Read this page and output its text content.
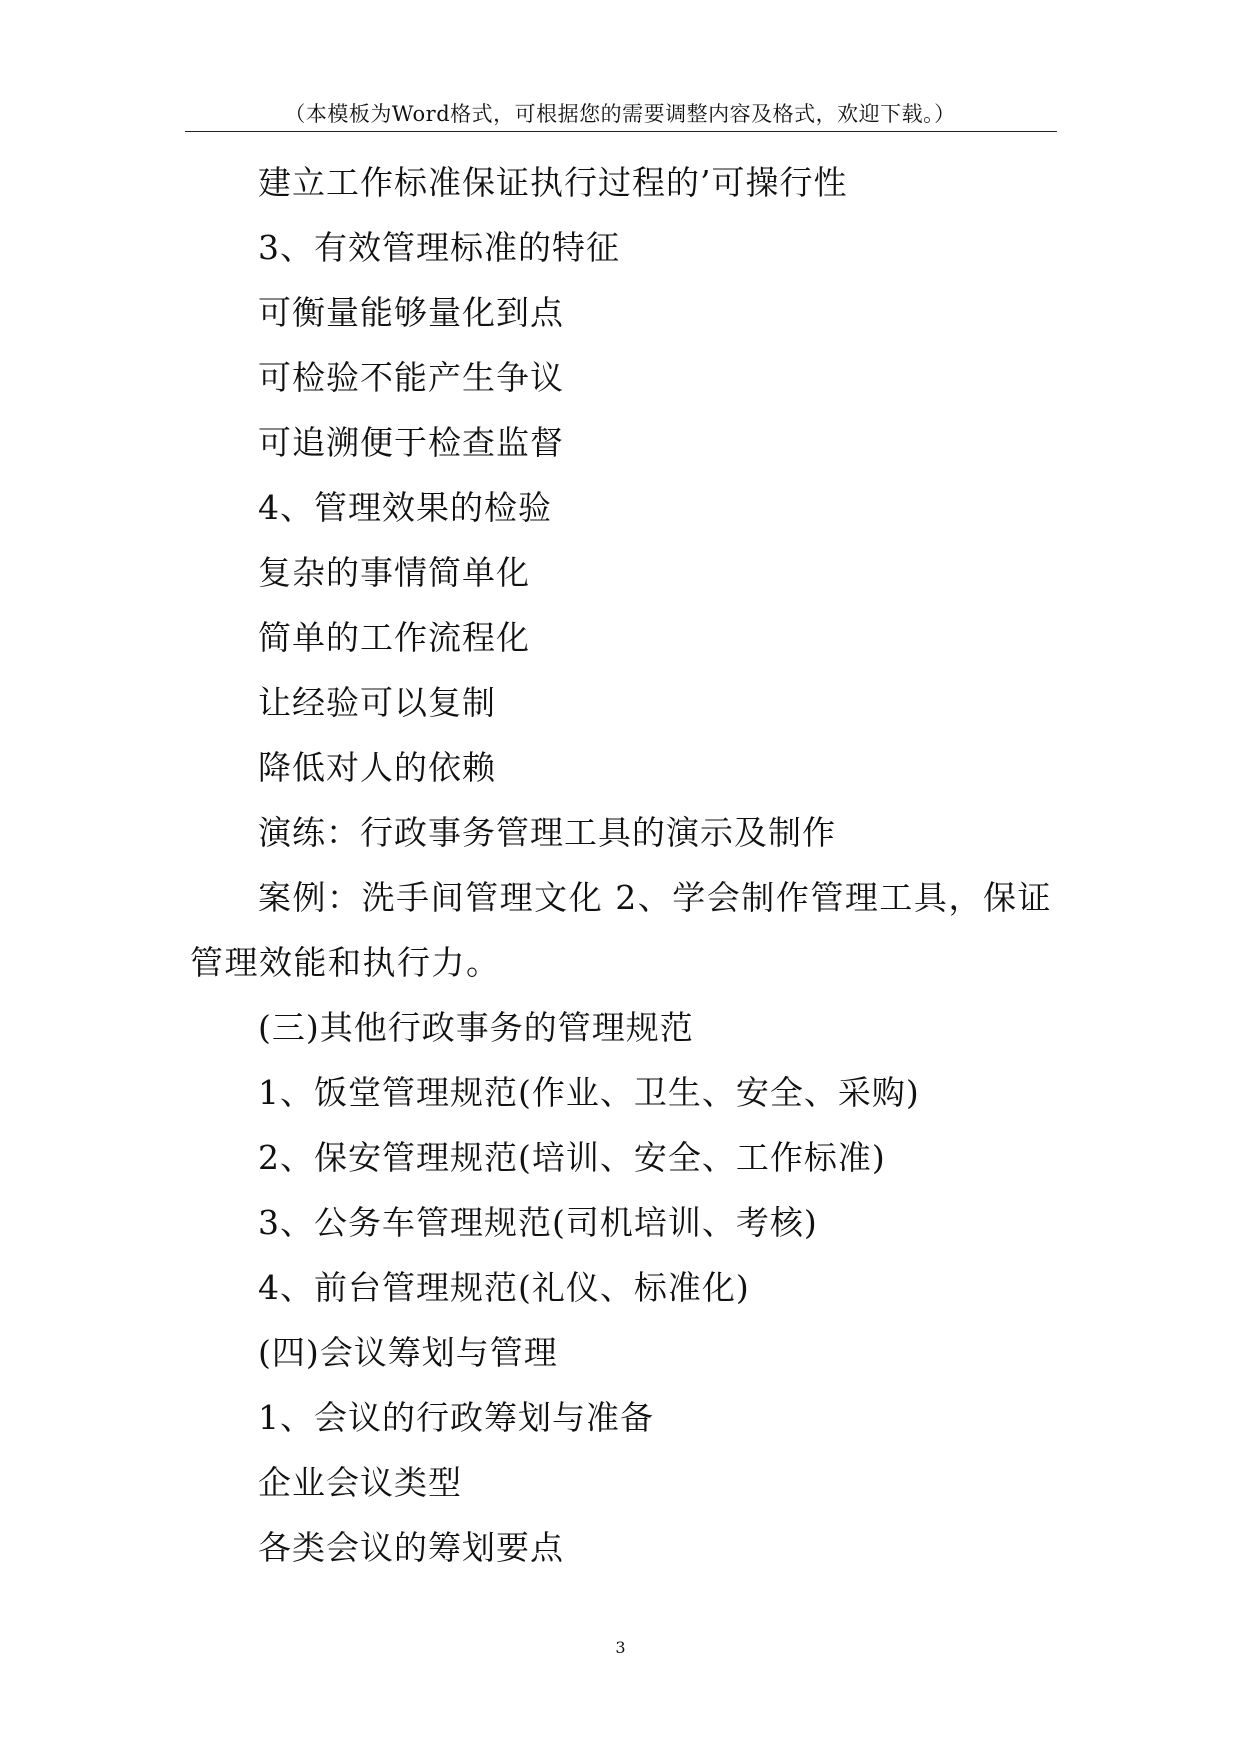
（本模板为Word格式，可根据您的需要调整内容及格式，欢迎下载。）
建立工作标准保证执行过程的’可操行性
3、有效管理标准的特征
可衡量能够量化到点
可检验不能产生争议
可追溯便于检查监督
4、管理效果的检验
复杂的事情简单化
简单的工作流程化
让经验可以复制
降低对人的依赖
演练：行政事务管理工具的演示及制作
案例：洗手间管理文化 2、学会制作管理工具，保证管理效能和执行力。
(三)其他行政事务的管理规范
1、饭堂管理规范(作业、卫生、安全、采购)
2、保安管理规范(培训、安全、工作标准)
3、公务车管理规范(司机培训、考核)
4、前台管理规范(礼仪、标准化)
(四)会议筹划与管理
1、会议的行政筹划与准备
企业会议类型
各类会议的筹划要点
3
